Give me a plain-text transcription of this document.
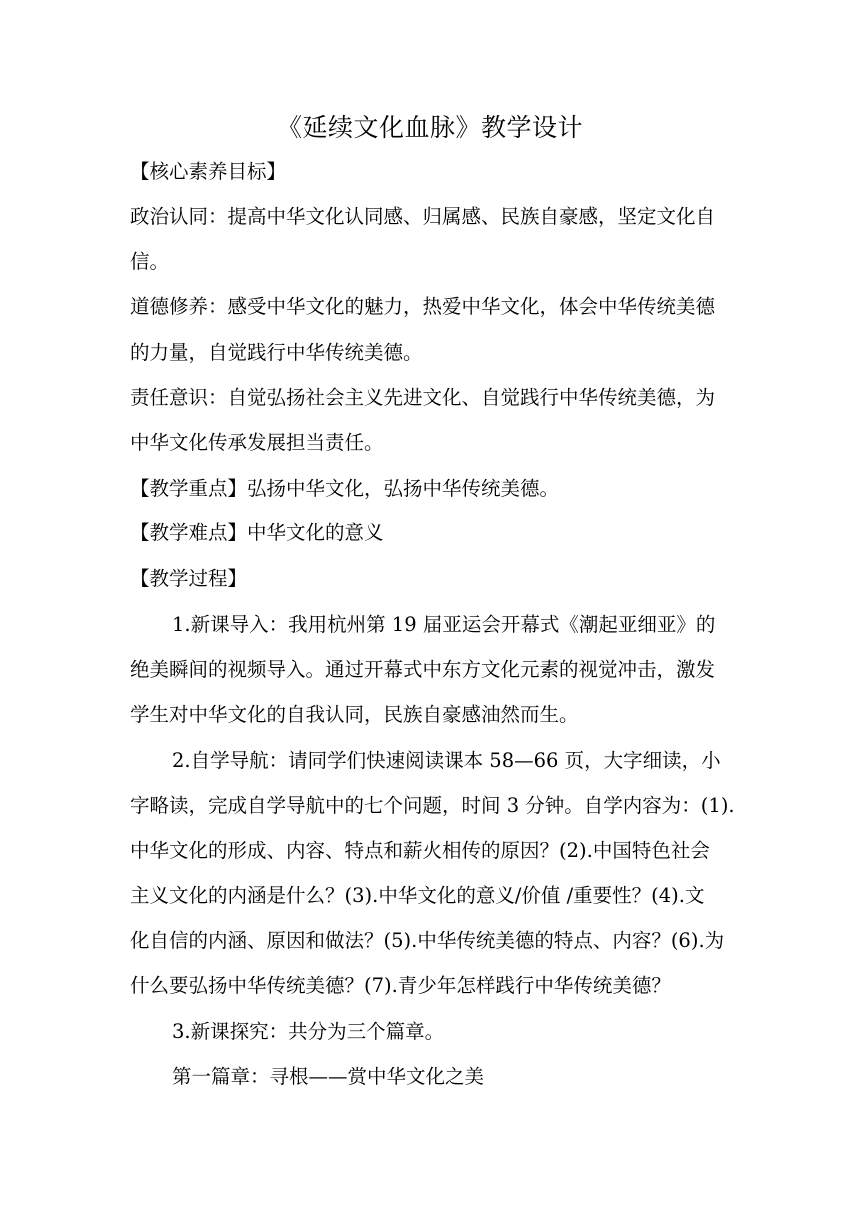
《延续文化血脉》教学设计
【核心素养目标】
政治认同：提高中华文化认同感、归属感、民族自豪感，坚定文化自
信。
道德修养：感受中华文化的魅力，热爱中华文化，体会中华传统美德
的力量，自觉践行中华传统美德。
责任意识：自觉弘扬社会主义先进文化、自觉践行中华传统美德，为
中华文化传承发展担当责任。
【教学重点】弘扬中华文化，弘扬中华传统美德。
【教学难点】中华文化的意义
【教学过程】
1.新课导入：我用杭州第 19 届亚运会开幕式《潮起亚细亚》的
绝美瞬间的视频导入。通过开幕式中东方文化元素的视觉冲击，激发
学生对中华文化的自我认同，民族自豪感油然而生。
2.自学导航：请同学们快速阅读课本 58—66 页，大字细读，小
字略读，完成自学导航中的七个问题，时间 3 分钟。自学内容为：(1).
中华文化的形成、内容、特点和薪火相传的原因？(2).中国特色社会
主义文化的内涵是什么？(3).中华文化的意义/价值 /重要性？(4).文
化自信的内涵、原因和做法？(5).中华传统美德的特点、内容？(6).为
什么要弘扬中华传统美德？(7).青少年怎样践行中华传统美德？
3.新课探究：共分为三个篇章。
第一篇章：寻根——赏中华文化之美
